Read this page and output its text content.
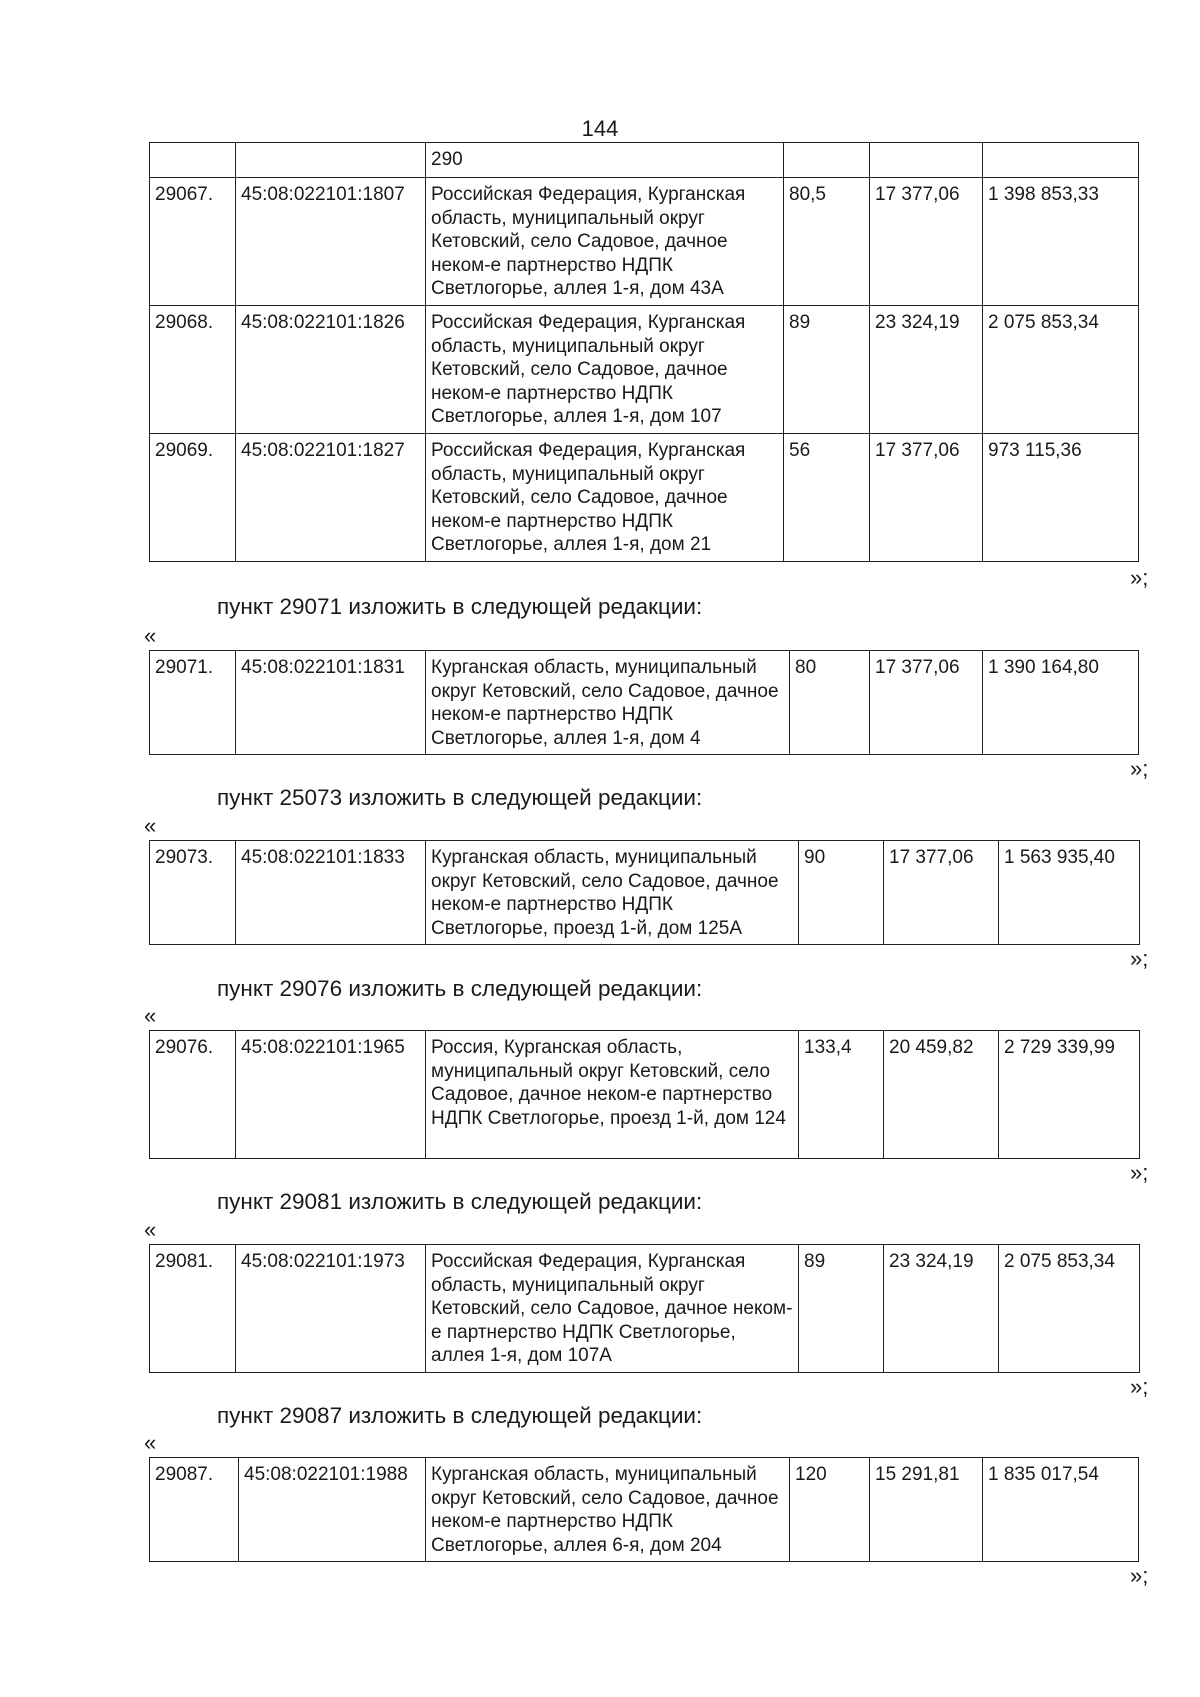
144
		290			
29067.	45:08:022101:1807	Российская Федерация, Курганская область, муниципальный округ Кетовский, село Садовое, дачное неком-е партнерство НДПК Светлогорье, аллея 1-я, дом 43А	80,5	17 377,06	1 398 853,33
29068.	45:08:022101:1826	Российская Федерация, Курганская область, муниципальный округ Кетовский, село Садовое, дачное неком-е партнерство НДПК Светлогорье, аллея 1-я, дом 107	89	23 324,19	2 075 853,34
29069.	45:08:022101:1827	Российская Федерация, Курганская область, муниципальный округ Кетовский, село Садовое, дачное неком-е партнерство НДПК Светлогорье, аллея 1-я, дом 21	56	17 377,06	973 115,36
»;
пункт 29071 изложить в следующей редакции:
«
29071.	45:08:022101:1831	Курганская область, муниципальный округ Кетовский, село Садовое, дачное неком-е партнерство НДПК Светлогорье, аллея 1-я, дом 4	80	17 377,06	1 390 164,80
»;
пункт 25073 изложить в следующей редакции:
«
29073.	45:08:022101:1833	Курганская область, муниципальный округ Кетовский, село Садовое, дачное неком-е партнерство НДПК Светлогорье, проезд 1-й, дом 125А	90	17 377,06	1 563 935,40
»;
пункт 29076 изложить в следующей редакции:
«
29076.	45:08:022101:1965	Россия, Курганская область, муниципальный округ Кетовский, село Садовое, дачное неком-е партнерство НДПК Светлогорье, проезд 1-й, дом 124	133,4	20 459,82	2 729 339,99
»;
пункт 29081 изложить в следующей редакции:
«
29081.	45:08:022101:1973	Российская Федерация, Курганская область, муниципальный округ Кетовский, село Садовое, дачное неком-е партнерство НДПК Светлогорье, аллея 1-я, дом 107А	89	23 324,19	2 075 853,34
»;
пункт 29087 изложить в следующей редакции:
«
29087.	45:08:022101:1988	Курганская область, муниципальный округ Кетовский, село Садовое, дачное неком-е партнерство НДПК Светлогорье, аллея 6-я, дом 204	120	15 291,81	1 835 017,54
»;
